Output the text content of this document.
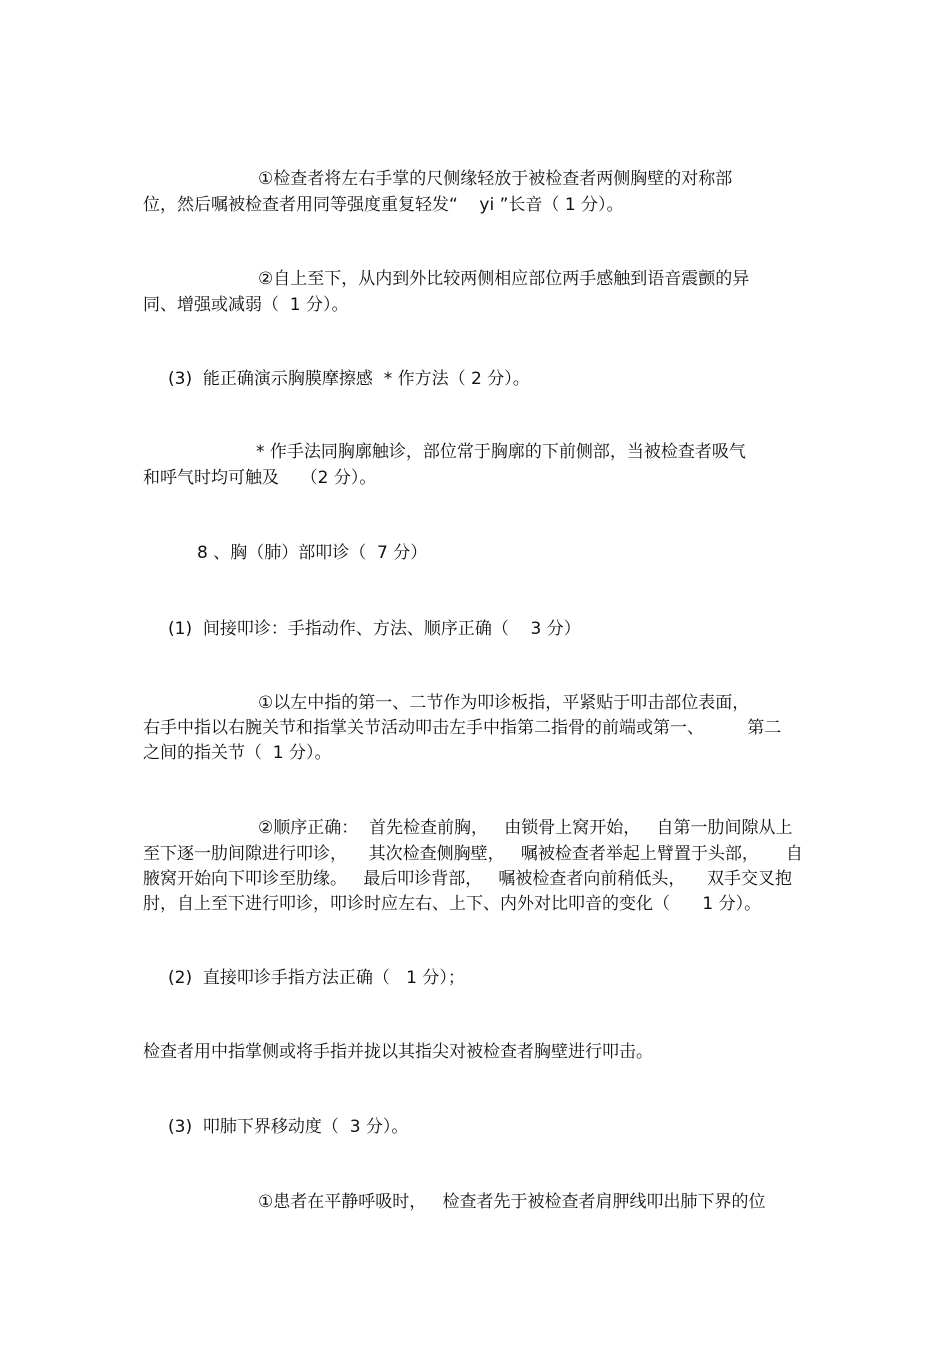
①检查者将左右手掌的尺侧缘轻放于被检查者两侧胸壁的对称部
位，然后嘱被检查者用同等强度重复轻发“    yi ”长音（ 1 分）。
②自上至下，从内到外比较两侧相应部位两手感触到语音震颤的异
同、增强或减弱（  1 分）。
(3)  能正确演示胸膜摩擦感  * 作方法（ 2 分）。
* 作手法同胸廓触诊，部位常于胸廓的下前侧部，当被检查者吸气
和呼气时均可触及    （2 分）。
8 、胸（肺）部叩诊（  7 分）
(1)  间接叩诊：手指动作、方法、顺序正确（    3 分）
①以左中指的第一、二节作为叩诊板指，平紧贴于叩击部位表面，
右手中指以右腕关节和指掌关节活动叩击左手中指第二指骨的前端或第一、        第二
之间的指关节（  1 分）。
②顺序正确：  首先检查前胸，   由锁骨上窝开始，   自第一肋间隙从上
至下逐一肋间隙进行叩诊，    其次检查侧胸壁，   嘱被检查者举起上臂置于头部，     自
腋窝开始向下叩诊至肋缘。   最后叩诊背部，   嘱被检查者向前稍低头，    双手交叉抱
肘，自上至下进行叩诊，叩诊时应左右、上下、内外对比叩音的变化（      1 分）。
(2)  直接叩诊手指方法正确（   1 分）；
检查者用中指掌侧或将手指并拢以其指尖对被检查者胸壁进行叩击。
(3)  叩肺下界移动度（  3 分）。
①患者在平静呼吸时，   检查者先于被检查者肩胛线叩出肺下界的位
